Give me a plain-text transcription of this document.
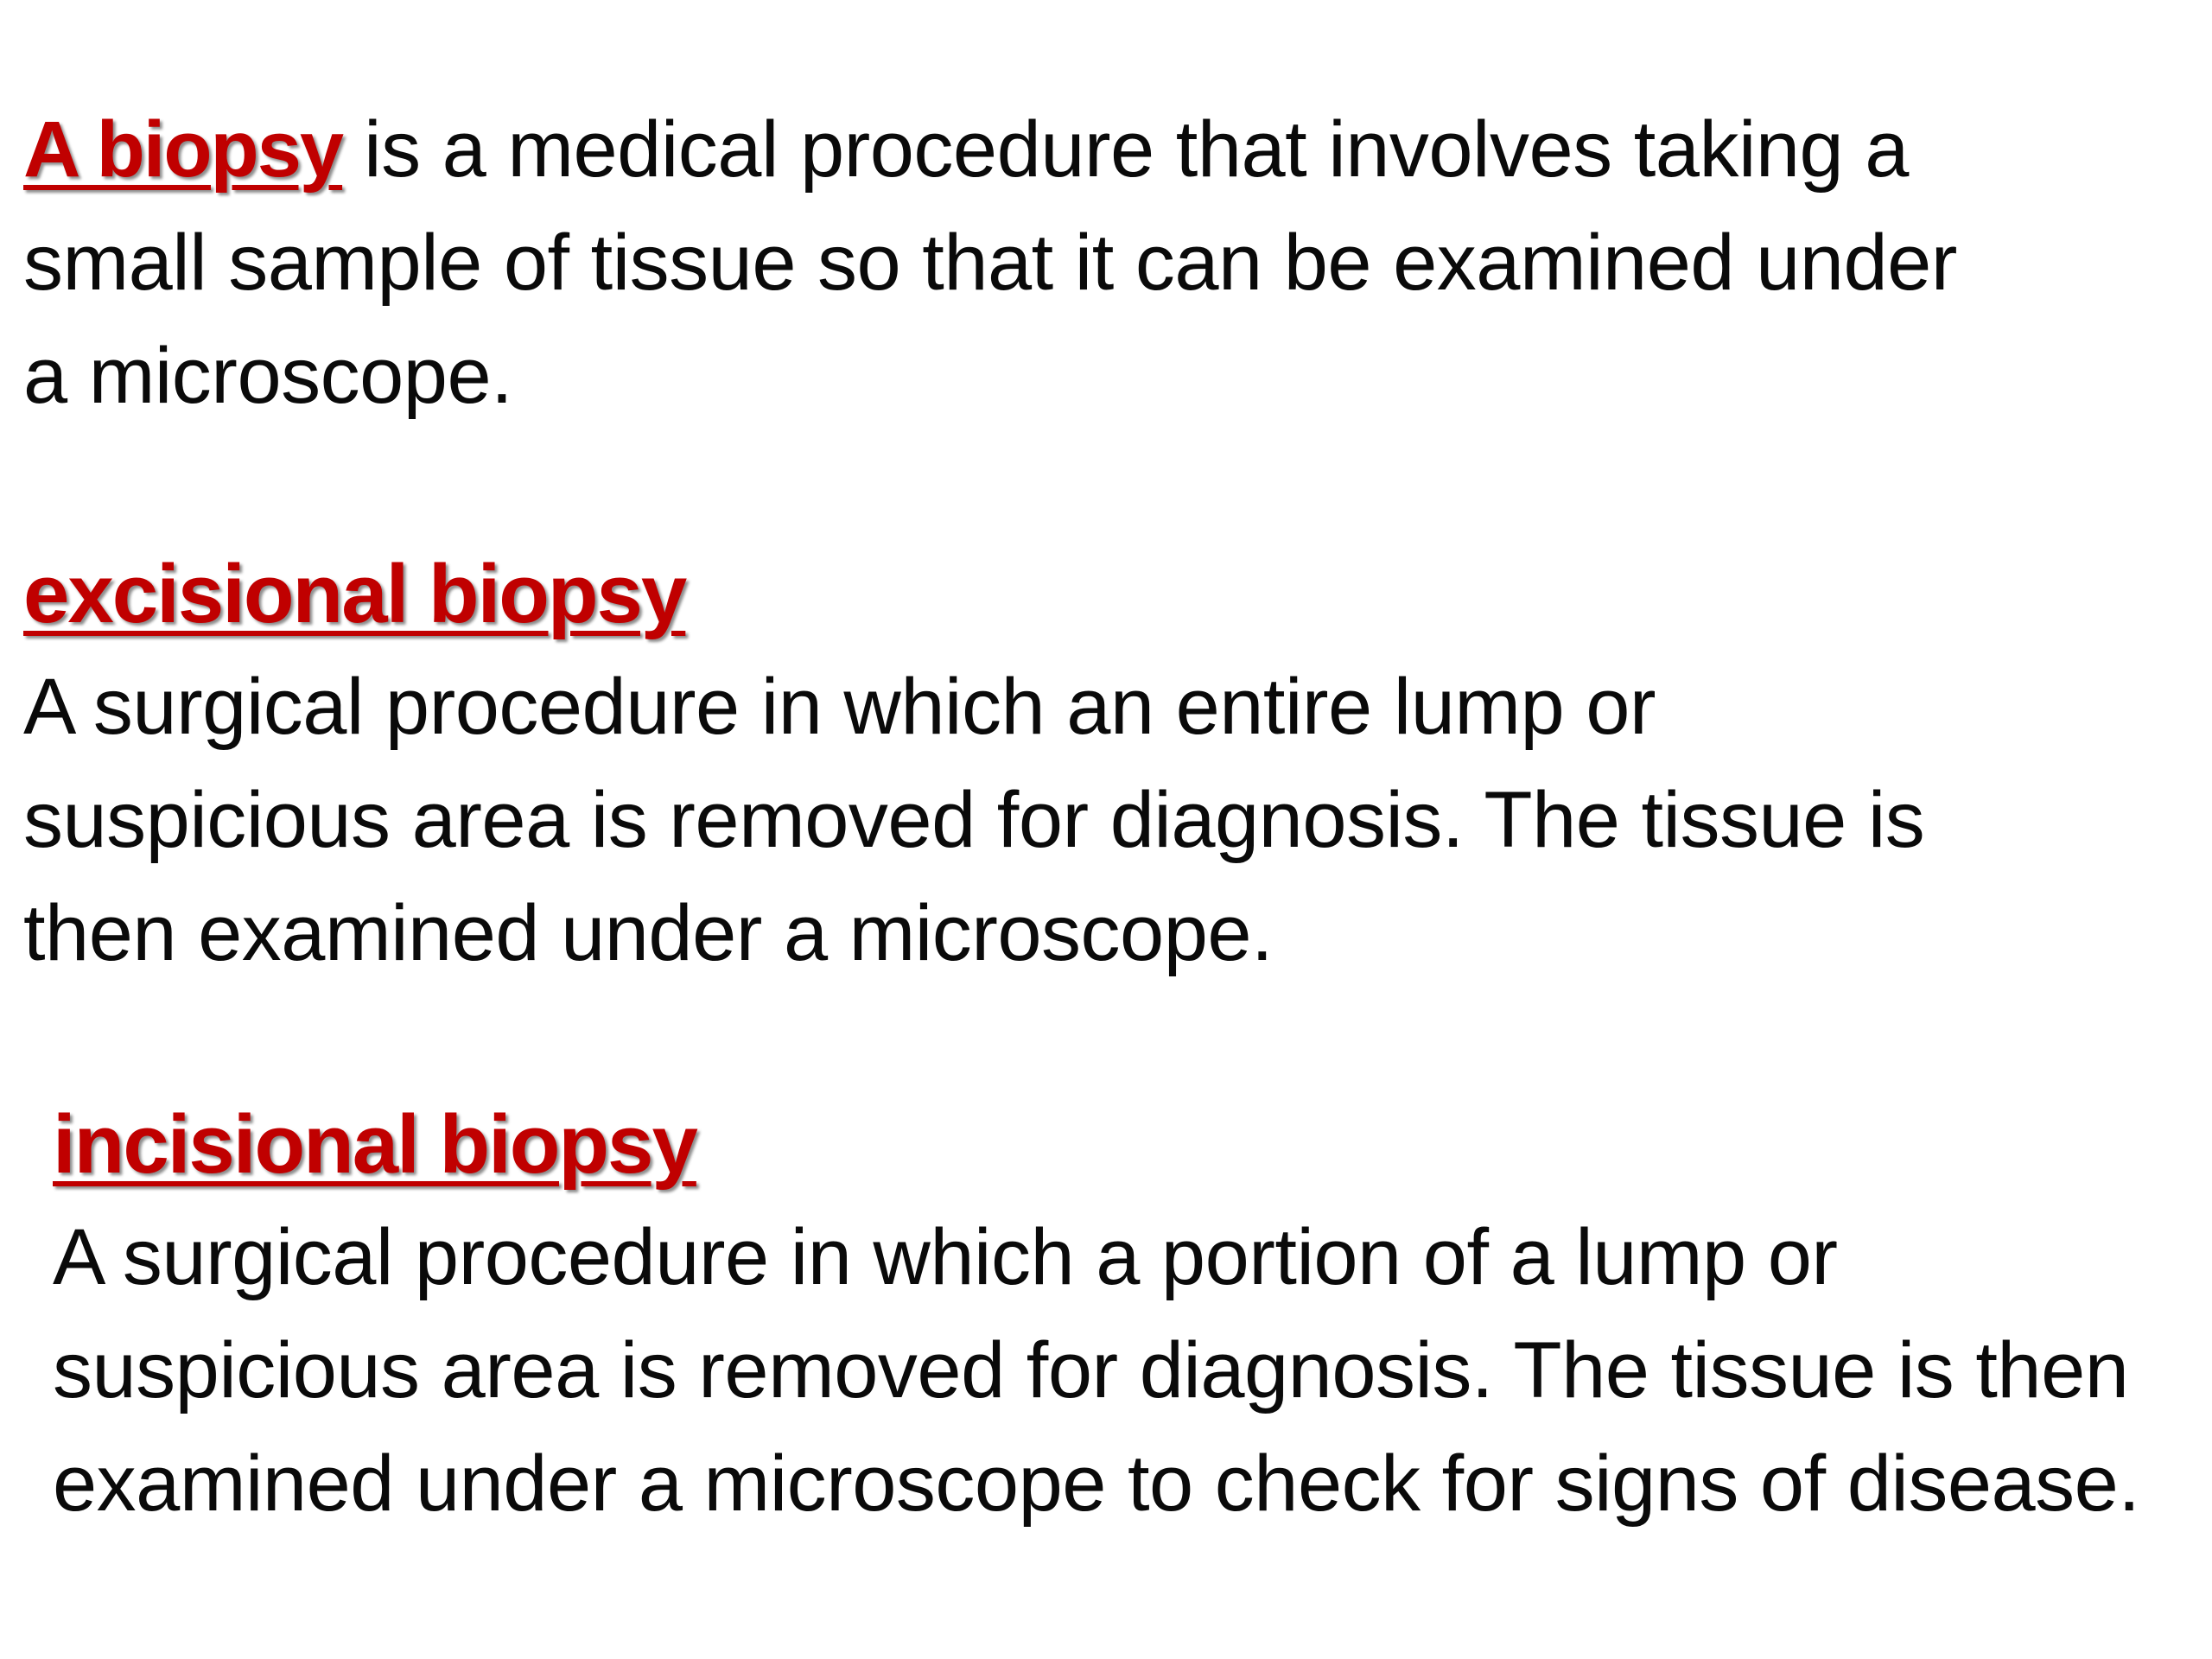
A biopsy is a medical procedure that involves taking a
small sample of tissue so that it can be examined under
a microscope.
excisional biopsy
A surgical procedure in which an entire lump or
suspicious area is removed for diagnosis. The tissue is
then examined under a microscope.
incisional biopsy
A surgical procedure in which a portion of a lump or
suspicious area is removed for diagnosis. The tissue is then
examined under a microscope to check for signs of disease.
